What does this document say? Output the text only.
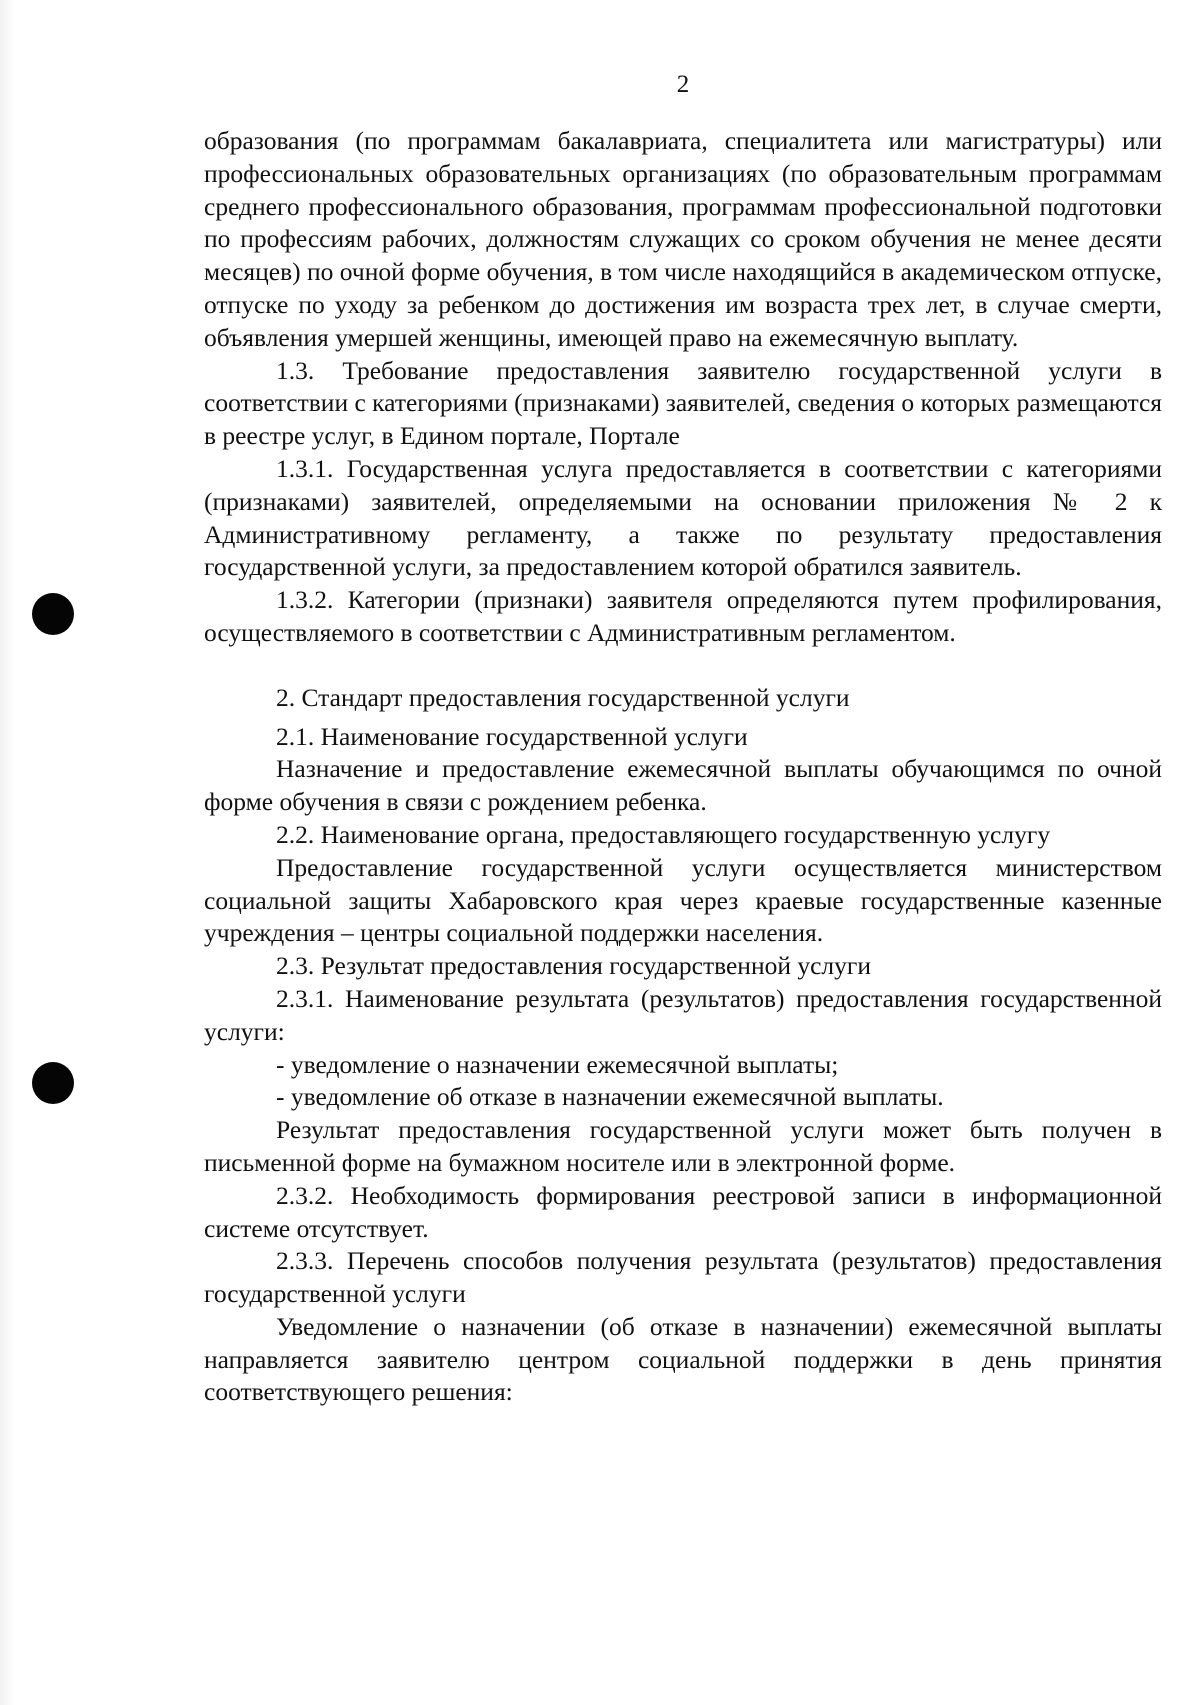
2

образования (по программам бакалавриата, специалитета или магистратуры) или профессиональных образовательных организациях (по образовательным программам среднего профессионального образования, программам профессиональной подготовки по профессиям рабочих, должностям служащих со сроком обучения не менее десяти месяцев) по очной форме обучения, в том числе находящийся в академическом отпуске, отпуске по уходу за ребенком до достижения им возраста трех лет, в случае смерти, объявления умершей женщины, имеющей право на ежемесячную выплату.

1.3. Требование предоставления заявителю государственной услуги в соответствии с категориями (признаками) заявителей, сведения о которых размещаются в реестре услуг, в Едином портале, Портале

1.3.1. Государственная услуга предоставляется в соответствии с категориями (признаками) заявителей, определяемыми на основании приложения № 2 к Административному регламенту, а также по результату предоставления государственной услуги, за предоставлением которой обратился заявитель.

1.3.2. Категории (признаки) заявителя определяются путем профилирования, осуществляемого в соответствии с Административным регламентом.

2. Стандарт предоставления государственной услуги

2.1. Наименование государственной услуги

Назначение и предоставление ежемесячной выплаты обучающимся по очной форме обучения в связи с рождением ребенка.

2.2. Наименование органа, предоставляющего государственную услугу

Предоставление государственной услуги осуществляется министерством социальной защиты Хабаровского края через краевые государственные казенные учреждения – центры социальной поддержки населения.

2.3. Результат предоставления государственной услуги

2.3.1. Наименование результата (результатов) предоставления государственной услуги:

- уведомление о назначении ежемесячной выплаты;

- уведомление об отказе в назначении ежемесячной выплаты.

Результат предоставления государственной услуги может быть получен в письменной форме на бумажном носителе или в электронной форме.

2.3.2. Необходимость формирования реестровой записи в информационной системе отсутствует.

2.3.3. Перечень способов получения результата (результатов) предоставления государственной услуги

Уведомление о назначении (об отказе в назначении) ежемесячной выплаты направляется заявителю центром социальной поддержки в день принятия соответствующего решения:
